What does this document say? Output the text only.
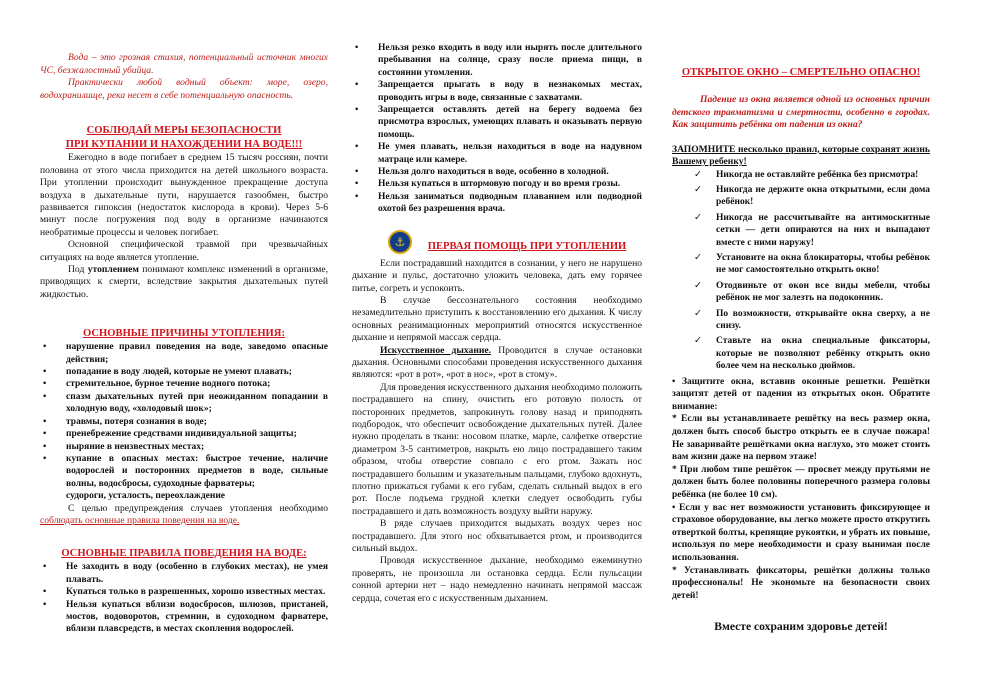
Вода – это грозная стихия, потенциальный источник многих ЧС, безжалостный убийца.

Практически любой водный объект: море, озеро, водохранилище, река несет в себе потенциальную опасность.

СОБЛЮДАЙ МЕРЫ БЕЗОПАСНОСТИ

ПРИ КУПАНИИ И НАХОЖДЕНИИ НА ВОДЕ!!!

Ежегодно в воде погибает в среднем 15 тысяч россиян, почти половина от этого числа приходится на детей школьного возраста. При утоплении происходит вынужденное прекращение доступа воздуха в дыхательные пути, нарушается газообмен, быстро развивается гипоксия (недостаток кислорода в крови). Через 5-6 минут после погружения под воду в организме начинаются необратимые процессы и человек погибает.

Основной специфической травмой при чрезвычайных ситуациях на воде является утопление.

Под утоплением понимают комплекс изменений в организме, приводящих к смерти, вследствие закрытия дыхательных путей жидкостью.

ОСНОВНЫЕ ПРИЧИНЫ УТОПЛЕНИЯ:

• нарушение правил поведения на воде, заведомо опасные действия;
• попадание в воду людей, которые не умеют плавать;
• стремительное, бурное течение водного потока;
• спазм дыхательных путей при неожиданном попадании в холодную воду, «холодовый шок»;
• травмы, потеря сознания в воде;
• пренебрежение средствами индивидуальной защиты;
• ныряние в неизвестных местах;
• купание в опасных местах: быстрое течение, наличие водорослей и посторонних предметов в воде, сильные волны, водосбросы, судоходные фарватеры;
судороги, усталость, переохлаждение

С целью предупреждения случаев утопления необходимо соблюдать основные правила поведения на воде.

ОСНОВНЫЕ ПРАВИЛА ПОВЕДЕНИЯ НА ВОДЕ:

• Не заходить в воду (особенно в глубоких местах), не умея плавать.
• Купаться только в разрешенных, хорошо известных местах.
• Нельзя купаться вблизи водосбросов, шлюзов, пристаней, мостов, водоворотов, стремнин, в судоходном фарватере, вблизи плавсредств, в местах скопления водорослей.
• Нельзя резко входить в воду или нырять после длительного пребывания на солнце, сразу после приема пищи, в состоянии утомления.
• Запрещается прыгать в воду в незнакомых местах, проводить игры в воде, связанные с захватами.
• Запрещается оставлять детей на берегу водоема без присмотра взрослых, умеющих плавать и оказывать первую помощь.
• Не умея плавать, нельзя находиться в воде на надувном матраце или камере.
• Нельзя долго находиться в воде, особенно в холодной.
• Нельзя купаться в штормовую погоду и во время грозы.
• Нельзя заниматься подводным плаванием или подводной охотой без разрешения врача.
⚓	ПЕРВАЯ ПОМОЩЬ ПРИ УТОПЛЕНИИ

Если пострадавший находится в сознании, у него не нарушено дыхание и пульс, достаточно уложить человека, дать ему горячее питье, согреть и успокоить.

В случае бессознательного состояния необходимо незамедлительно приступить к восстановлению его дыхания. К числу основных реанимационных мероприятий относятся искусственное дыхание и непрямой массаж сердца.

Искусственное дыхание. Проводится в случае остановки дыхания. Основными способами проведения искусственного дыхания являются: «рот в рот», «рот в нос», «рот в стому».

Для проведения искусственного дыхания необходимо положить пострадавшего на спину, очистить его ротовую полость от посторонних предметов, запрокинуть голову назад и приподнять подбородок, что обеспечит освобождение дыхательных путей. Далее нужно проделать в ткани: носовом платке, марле, салфетке отверстие диаметром 3-5 сантиметров, накрыть ею лицо пострадавшего таким образом, чтобы отверстие совпало с его ртом. Зажать нос пострадавшего большим и указательным пальцами, глубоко вдохнуть, плотно прижаться губами к его губам, сделать сильный выдох в его рот. После подъема грудной клетки следует освободить губы пострадавшего и дать возможность воздуху выйти наружу.

В ряде случаев приходится выдыхать воздух через нос пострадавшего. Для этого нос обхватывается ртом, и производится сильный выдох.

Проводя искусственное дыхание, необходимо ежеминутно проверять, не произошла ли остановка сердца. Если пульсации сонной артерии нет – надо немедленно начинать непрямой массаж сердца, сочетая его с искусственным дыханием.

ОТКРЫТОЕ ОКНО – СМЕРТЕЛЬНО ОПАСНО!

Падение из окна является одной из основных причин детского травматизма и смертности, особенно в городах. Как защитить ребёнка от падения из окна?

ЗАПОМНИТЕ несколько правил, которые сохранят жизнь Вашему ребенку!

✓ Никогда не оставляйте ребёнка без присмотра!
✓ Никогда не держите окна открытыми, если дома ребёнок!
✓ Никогда не рассчитывайте на антимоскитные сетки — дети опираются на них и выпадают вместе с ними наружу!
✓ Установите на окна блокираторы, чтобы ребёнок не мог самостоятельно открыть окно!
✓ Отодвиньте от окон все виды мебели, чтобы ребёнок не мог залезть на подоконник.
✓ По возможности, открывайте окна сверху, а не снизу.
✓ Ставьте на окна специальные фиксаторы, которые не позволяют ребёнку открыть окно более чем на несколько дюймов.

• Защитите окна, вставив оконные решетки. Решётки защитят детей от падения из открытых окон. Обратите внимание:

* Если вы устанавливаете решётку на весь размер окна, должен быть способ быстро открыть ее в случае пожара! Не заваривайте решётками окна наглухо, это может стоить вам жизни даже на первом этаже!

* При любом типе решёток — просвет между прутьями не должен быть более половины поперечного размера головы ребёнка (не более 10 см).

• Если у вас нет возможности установить фиксирующее и страховое оборудование, вы легко можете просто открутить отверткой болты, крепящие рукоятки, и убрать их повыше, используя по мере необходимости и сразу вынимая после использования.

* Устанавливать фиксаторы, решётки должны только профессионалы! Не экономьте на безопасности своих детей!

Вместе сохраним здоровье детей!
